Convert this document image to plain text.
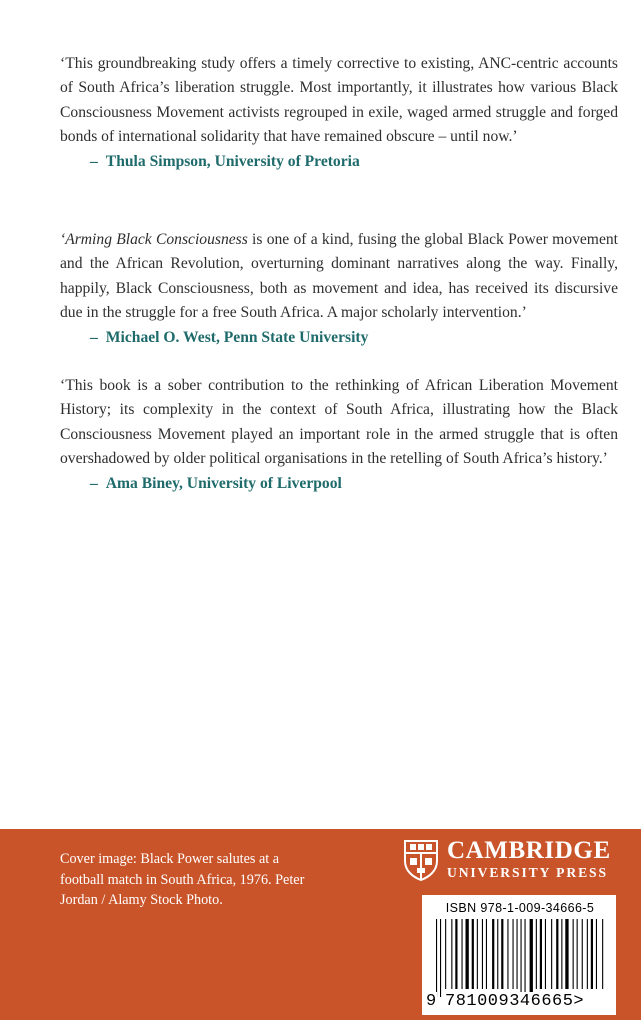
‘This groundbreaking study offers a timely corrective to existing, ANC-centric accounts of South Africa’s liberation struggle. Most importantly, it illustrates how various Black Consciousness Movement activists regrouped in exile, waged armed struggle and forged bonds of international solidarity that have remained obscure – until now.’

– Thula Simpson, University of Pretoria

‘Arming Black Consciousness is one of a kind, fusing the global Black Power movement and the African Revolution, overturning dominant narratives along the way. Finally, happily, Black Consciousness, both as movement and idea, has received its discursive due in the struggle for a free South Africa. A major scholarly intervention.’

– Michael O. West, Penn State University

‘This book is a sober contribution to the rethinking of African Liberation Movement History; its complexity in the context of South Africa, illustrating how the Black Consciousness Movement played an important role in the armed struggle that is often overshadowed by older political organisations in the retelling of South Africa’s history.’

– Ama Biney, University of Liverpool

Cover image: Black Power salutes at a football match in South Africa, 1976. Peter Jordan / Alamy Stock Photo.
CAMBRIDGE
UNIVERSITY PRESS
ISBN 978-1-009-34666-5
9 781009346665>
